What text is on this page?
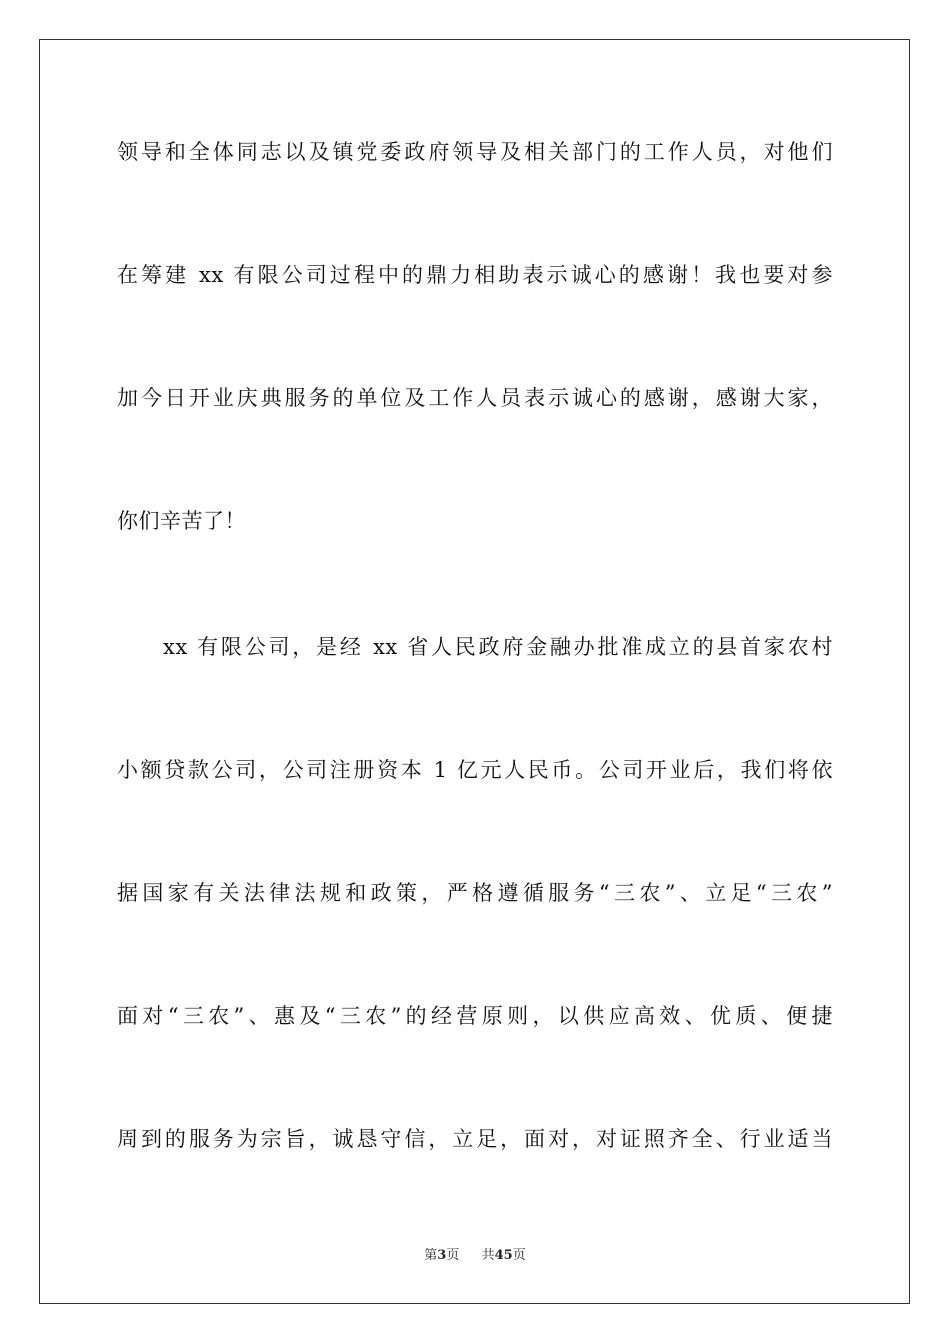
领导和全体同志以及镇党委政府领导及相关部门的工作人员，对他们
在筹建 xx 有限公司过程中的鼎力相助表示诚心的感谢！我也要对参
加今日开业庆典服务的单位及工作人员表示诚心的感谢，感谢大家，
你们辛苦了！
xx 有限公司，是经 xx 省人民政府金融办批准成立的县首家农村
小额贷款公司，公司注册资本 1 亿元人民币。公司开业后，我们将依
据国家有关法律法规和政策，严格遵循服务“三农”、立足“三农”
面对“三农”、惠及“三农”的经营原则，以供应高效、优质、便捷
周到的服务为宗旨，诚恳守信，立足，面对，对证照齐全、行业适当
第3页 共45页
